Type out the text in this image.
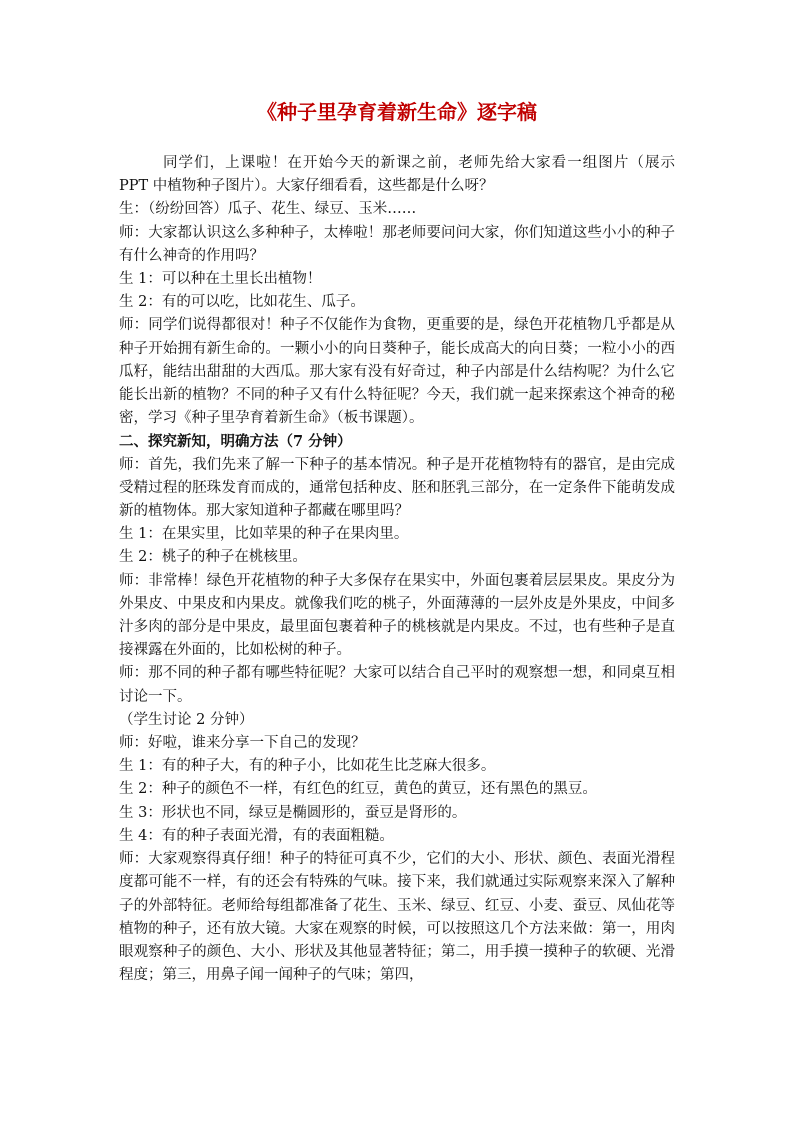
《种子里孕育着新生命》逐字稿

同学们，上课啦！在开始今天的新课之前，老师先给大家看一组图片（展示 PPT 中植物种子图片）。大家仔细看看，这些都是什么呀？

生：（纷纷回答）瓜子、花生、绿豆、玉米……

师：大家都认识这么多种种子，太棒啦！那老师要问问大家，你们知道这些小小的种子有什么神奇的作用吗？

生 1：可以种在土里长出植物！

生 2：有的可以吃，比如花生、瓜子。

师：同学们说得都很对！种子不仅能作为食物，更重要的是，绿色开花植物几乎都是从种子开始拥有新生命的。一颗小小的向日葵种子，能长成高大的向日葵；一粒小小的西瓜籽，能结出甜甜的大西瓜。那大家有没有好奇过，种子内部是什么结构呢？为什么它能长出新的植物？不同的种子又有什么特征呢？今天，我们就一起来探索这个神奇的秘密，学习《种子里孕育着新生命》（板书课题）。

二、探究新知，明确方法（7 分钟）

师：首先，我们先来了解一下种子的基本情况。种子是开花植物特有的器官，是由完成受精过程的胚珠发育而成的，通常包括种皮、胚和胚乳三部分，在一定条件下能萌发成新的植物体。那大家知道种子都藏在哪里吗？

生 1：在果实里，比如苹果的种子在果肉里。

生 2：桃子的种子在桃核里。

师：非常棒！绿色开花植物的种子大多保存在果实中，外面包裹着层层果皮。果皮分为外果皮、中果皮和内果皮。就像我们吃的桃子，外面薄薄的一层外皮是外果皮，中间多汁多肉的部分是中果皮，最里面包裹着种子的桃核就是内果皮。不过，也有些种子是直接裸露在外面的，比如松树的种子。

师：那不同的种子都有哪些特征呢？大家可以结合自己平时的观察想一想，和同桌互相讨论一下。

（学生讨论 2 分钟）

师：好啦，谁来分享一下自己的发现？

生 1：有的种子大，有的种子小，比如花生比芝麻大很多。

生 2：种子的颜色不一样，有红色的红豆，黄色的黄豆，还有黑色的黑豆。

生 3：形状也不同，绿豆是椭圆形的，蚕豆是肾形的。

生 4：有的种子表面光滑，有的表面粗糙。

师：大家观察得真仔细！种子的特征可真不少，它们的大小、形状、颜色、表面光滑程度都可能不一样，有的还会有特殊的气味。接下来，我们就通过实际观察来深入了解种子的外部特征。老师给每组都准备了花生、玉米、绿豆、红豆、小麦、蚕豆、凤仙花等植物的种子，还有放大镜。大家在观察的时候，可以按照这几个方法来做：第一，用肉眼观察种子的颜色、大小、形状及其他显著特征；第二，用手摸一摸种子的软硬、光滑程度；第三，用鼻子闻一闻种子的气味；第四，
